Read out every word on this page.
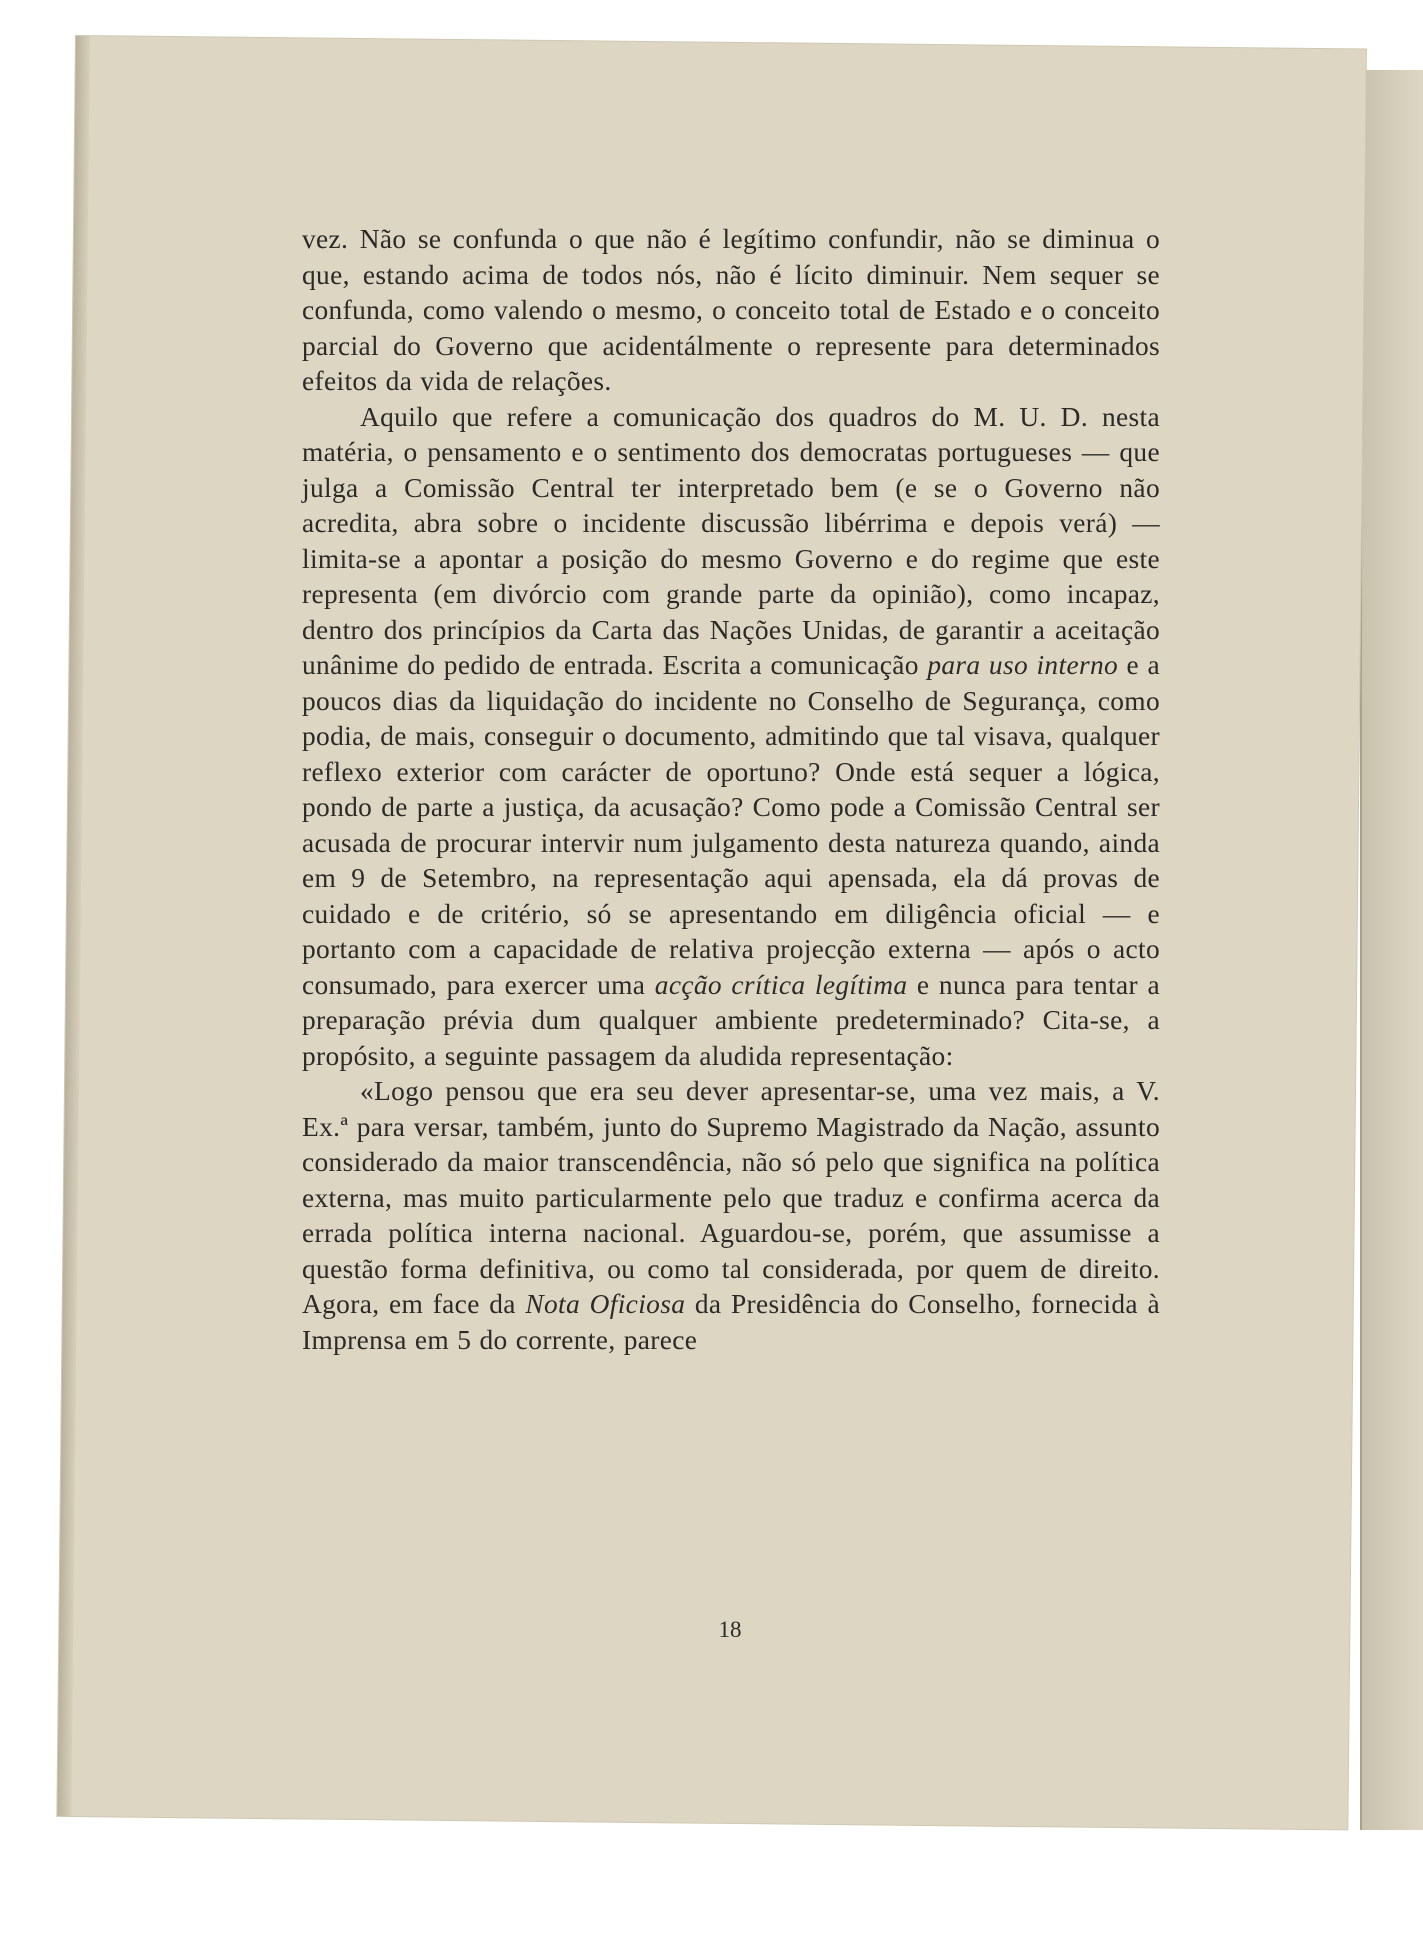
vez. Não se confunda o que não é legítimo confundir, não se diminua o que, estando acima de todos nós, não é lícito diminuir. Nem sequer se confunda, como valendo o mesmo, o conceito total de Estado e o conceito parcial do Governo que acidentálmente o represente para determinados efeitos da vida de relações.

Aquilo que refere a comunicação dos quadros do M. U. D. nesta matéria, o pensamento e o sentimento dos democratas portugueses — que julga a Comissão Central ter interpretado bem (e se o Governo não acredita, abra sobre o incidente discussão libérrima e depois verá) — limita-se a apontar a posição do mesmo Governo e do regime que este representa (em divórcio com grande parte da opinião), como incapaz, dentro dos princípios da Carta das Nações Unidas, de garantir a aceitação unânime do pedido de entrada. Escrita a comunicação para uso interno e a poucos dias da liquidação do incidente no Conselho de Segurança, como podia, de mais, conseguir o documento, admitindo que tal visava, qualquer reflexo exterior com carácter de oportuno? Onde está sequer a lógica, pondo de parte a justiça, da acusação? Como pode a Comissão Central ser acusada de procurar intervir num julgamento desta natureza quando, ainda em 9 de Setembro, na representação aqui apensada, ela dá provas de cuidado e de critério, só se apresentando em diligência oficial — e portanto com a capacidade de relativa projecção externa — após o acto consumado, para exercer uma acção crítica legítima e nunca para tentar a preparação prévia dum qualquer ambiente predeterminado? Cita-se, a propósito, a seguinte passagem da aludida representação:

«Logo pensou que era seu dever apresentar-se, uma vez mais, a V. Ex.ª para versar, também, junto do Supremo Magistrado da Nação, assunto considerado da maior transcendência, não só pelo que significa na política externa, mas muito particularmente pelo que traduz e confirma acerca da errada política interna nacional. Aguardou-se, porém, que assumisse a questão forma definitiva, ou como tal considerada, por quem de direito. Agora, em face da Nota Oficiosa da Presidência do Conselho, fornecida à Imprensa em 5 do corrente, parece

18
